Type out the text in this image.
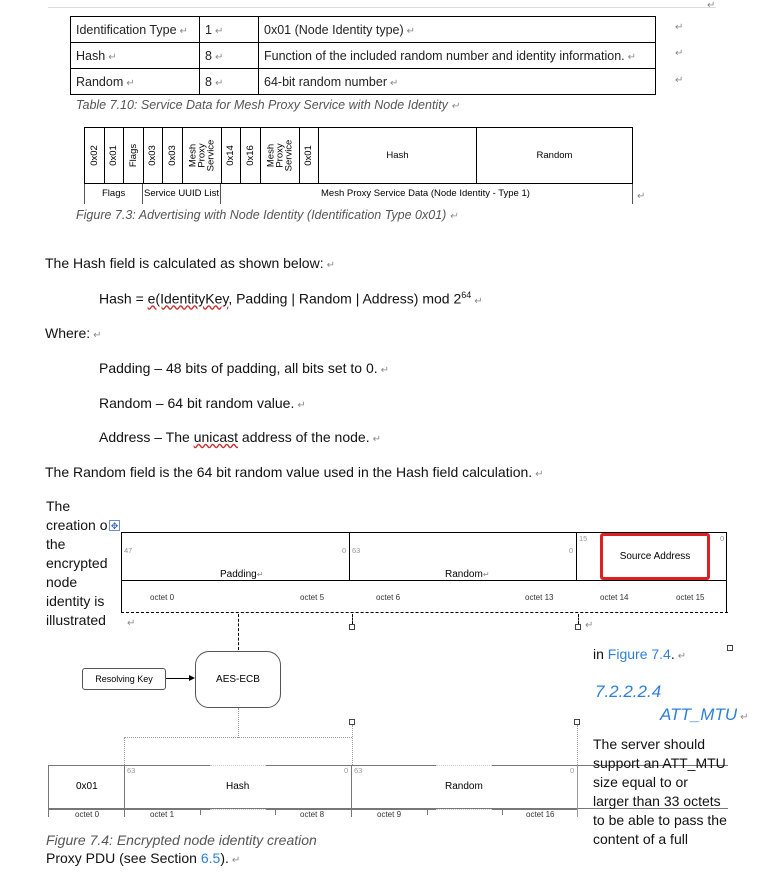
↵
Identification Type ↵	1 ↵	0x01 (Node Identity type) ↵
Hash ↵	8 ↵	Function of the included random number and identity information. ↵
Random ↵	8 ↵	64-bit random number ↵
↵
↵
↵
Table 7.10: Service Data for Mesh Proxy Service with Node Identity ↵
0x02 0x01 Flags 0x03 0x03 Mesh Proxy Service 0x14 0x16 Mesh Proxy Service 0x01	Hash	Random
Flags Service UUID List	Mesh Proxy Service Data (Node Identity - Type 1)	↵
Figure 7.3: Advertising with Node Identity (Identification Type 0x01) ↵
The Hash field is calculated as shown below: ↵
Hash = e(IdentityKey, Padding | Random | Address) mod $2^{64}↵$
Where: ↵
Padding – 48 bits of padding, all bits set to 0. ↵
Random – 64 bit random value. ↵
Address – The unicast address of the node. ↵
The Random field is the 64 bit random value used in the Hash field calculation. ↵
The
creation o
the
encrypted
node
identity is
illustrated
✥
47	0 63	0
15	0
Padding↵	Random↵
Source Address
octet 0	octet 5	octet 6	octet 13	octet 14	octet 15
↵	↵
Resolving Key	AES-ECB
63	0 63	0
0x01	Hash	Random
octet 0	octet 1	octet 8	octet 9	octet 16
Figure 7.4: Encrypted node identity creation
Proxy PDU (see Section 6.5). ↵
in Figure 7.4. ↵
7.2.2.2.4
ATT_MTU ↵
The server should
support an ATT_MTU
size equal to or
larger than 33 octets
to be able to pass the
content of a full
